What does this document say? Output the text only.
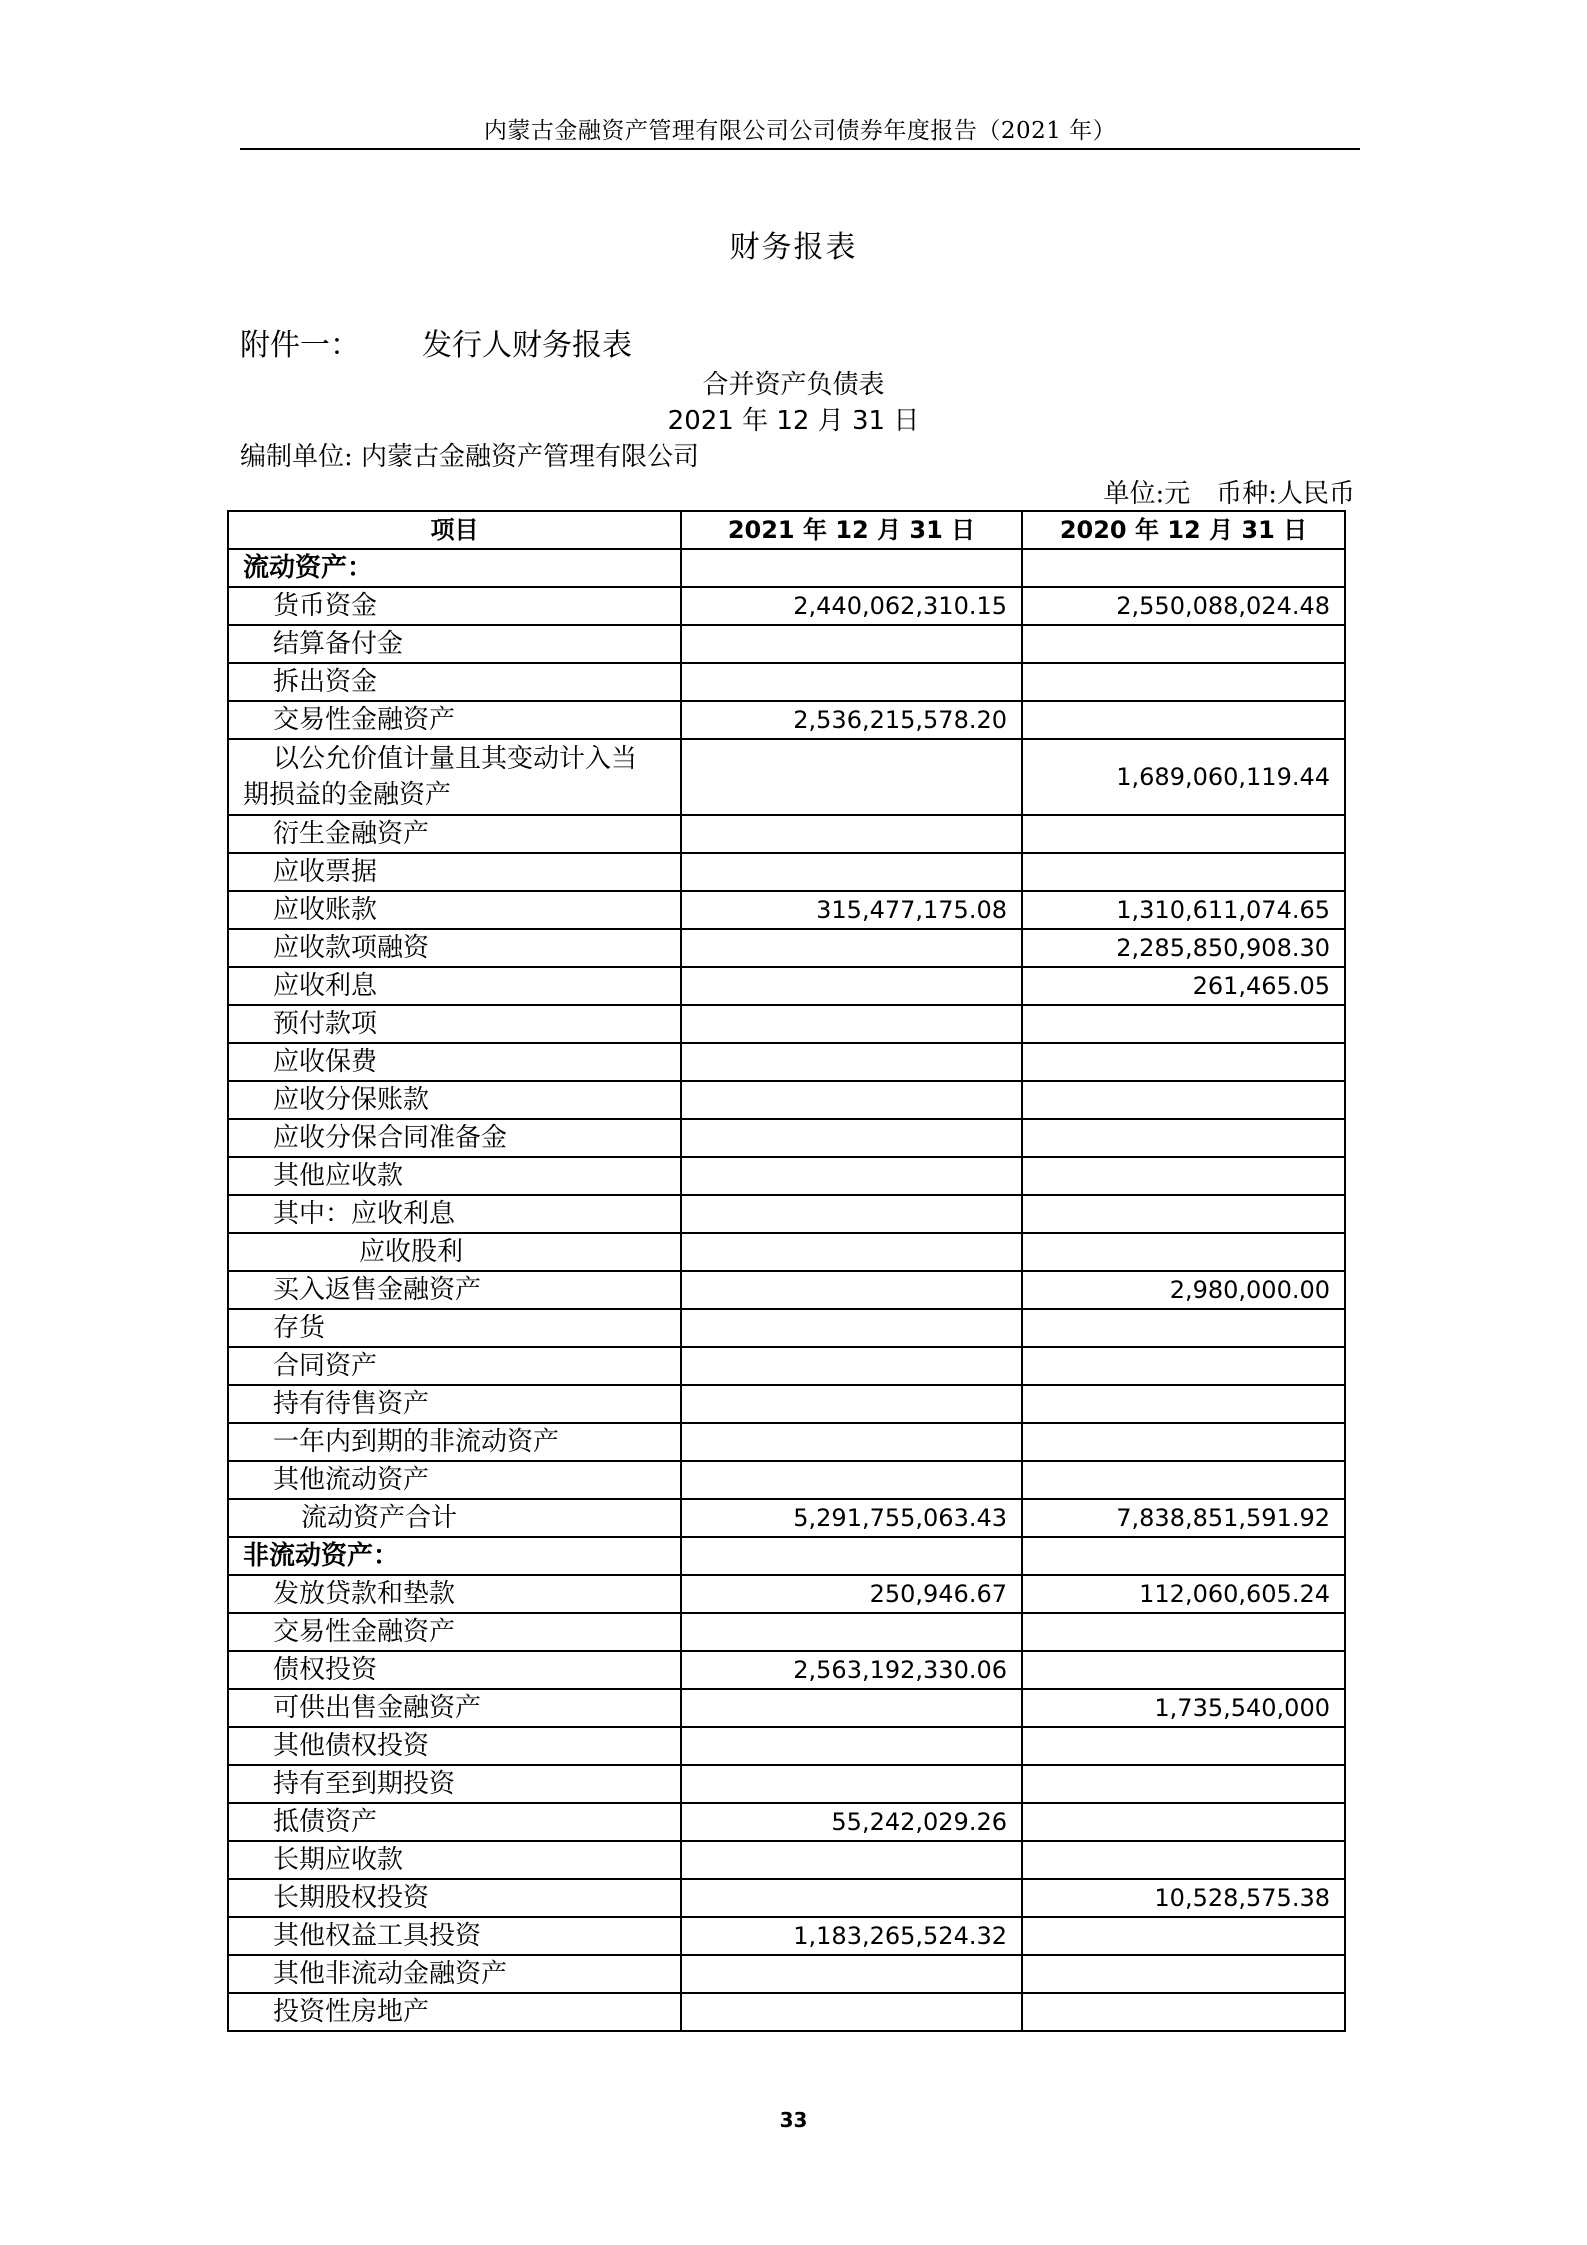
内蒙古金融资产管理有限公司公司债券年度报告（2021 年）
财务报表
附件一： 发行人财务报表
合并资产负债表
2021 年 12 月 31 日
编制单位: 内蒙古金融资产管理有限公司
单位:元 币种:人民币
项目	2021 年 12 月 31 日	2020 年 12 月 31 日
流动资产：		
货币资金	2,440,062,310.15	2,550,088,024.48
结算备付金		
拆出资金		
交易性金融资产	2,536,215,578.20	

以公允价值计量且其变动计入当
期损益的金融资产		1,689,060,119.44
衍生金融资产		
应收票据		
应收账款	315,477,175.08	1,310,611,074.65
应收款项融资		2,285,850,908.30
应收利息		261,465.05
预付款项		
应收保费		
应收分保账款		
应收分保合同准备金		
其他应收款		
其中：应收利息		
应收股利		
买入返售金融资产		2,980,000.00
存货		
合同资产		
持有待售资产		
一年内到期的非流动资产		
其他流动资产		
流动资产合计	5,291,755,063.43	7,838,851,591.92
非流动资产：		
发放贷款和垫款	250,946.67	112,060,605.24
交易性金融资产		
债权投资	2,563,192,330.06	
可供出售金融资产		1,735,540,000
其他债权投资		
持有至到期投资		
抵债资产	55,242,029.26	
长期应收款		
长期股权投资		10,528,575.38
其他权益工具投资	1,183,265,524.32	
其他非流动金融资产		
投资性房地产		
33
